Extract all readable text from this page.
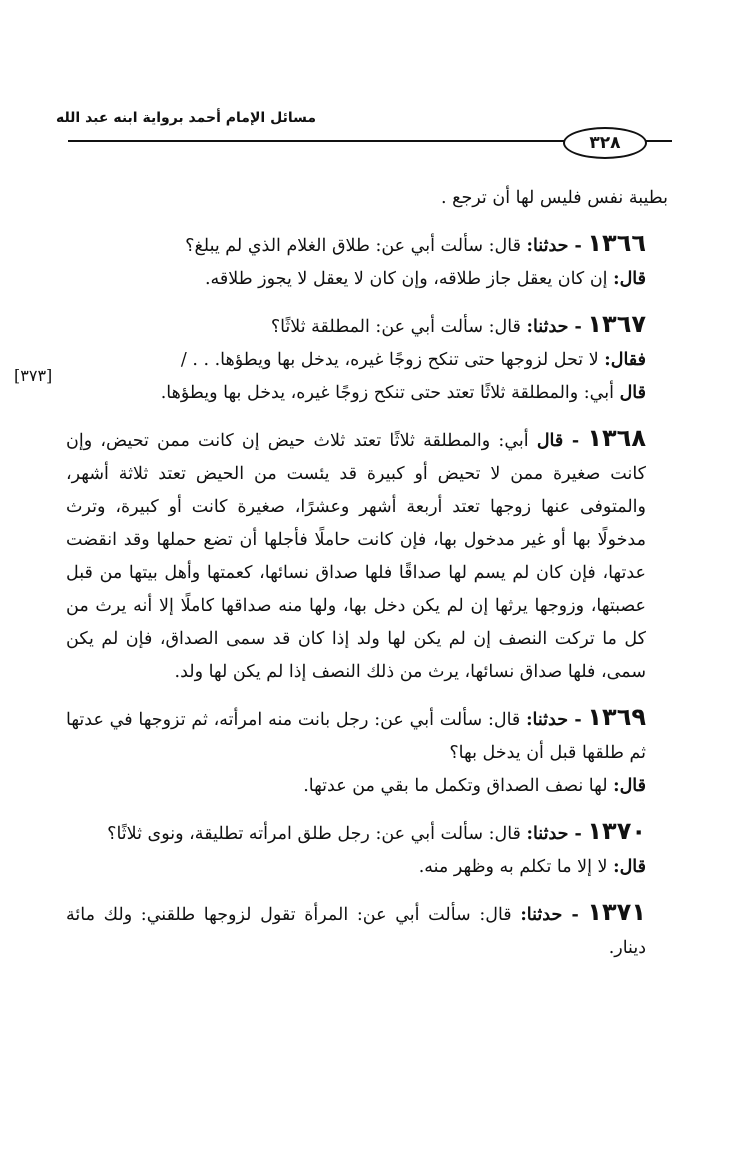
مسائل الإمام أحمد برواية ابنه عبد الله
٣٢٨
[٣٧٣]

بطيبة نفس فليس لها أن ترجع .

١٣٦٦ - حدثنا: قال: سألت أبي عن: طلاق الغلام الذي لم يبلغ؟

قال: إن كان يعقل جاز طلاقه، وإن كان لا يعقل لا يجوز طلاقه.

١٣٦٧ - حدثنا: قال: سألت أبي عن: المطلقة ثلاثًا؟

فقال: لا تحل لزوجها حتى تنكح زوجًا غيره، يدخل بها ويطؤها. . . /

قال أبي: والمطلقة ثلاثًا تعتد حتى تنكح زوجًا غيره، يدخل بها ويطؤها.

١٣٦٨ - قال أبي: والمطلقة ثلاثًا تعتد ثلاث حيض إن كانت ممن تحيض، وإن كانت صغيرة ممن لا تحيض أو كبيرة قد يئست من الحيض تعتد ثلاثة أشهر، والمتوفى عنها زوجها تعتد أربعة أشهر وعشرًا، صغيرة كانت أو كبيرة، وترث مدخولًا بها أو غير مدخول بها، فإن كانت حاملًا فأجلها أن تضع حملها وقد انقضت عدتها، فإن كان لم يسم لها صداقًا فلها صداق نسائها، كعمتها وأهل بيتها من قبل عصبتها، وزوجها يرثها إن لم يكن دخل بها، ولها منه صداقها كاملًا إلا أنه يرث من كل ما تركت النصف إن لم يكن لها ولد إذا كان قد سمى الصداق، فإن لم يكن سمى، فلها صداق نسائها، يرث من ذلك النصف إذا لم يكن لها ولد.

١٣٦٩ - حدثنا: قال: سألت أبي عن: رجل بانت منه امرأته، ثم تزوجها في عدتها ثم طلقها قبل أن يدخل بها؟

قال: لها نصف الصداق وتكمل ما بقي من عدتها.

١٣٧٠ - حدثنا: قال: سألت أبي عن: رجل طلق امرأته تطليقة، ونوى ثلاثًا؟

قال: لا إلا ما تكلم به وظهر منه.

١٣٧١ - حدثنا: قال: سألت أبي عن: المرأة تقول لزوجها طلقني: ولك مائة دينار.
